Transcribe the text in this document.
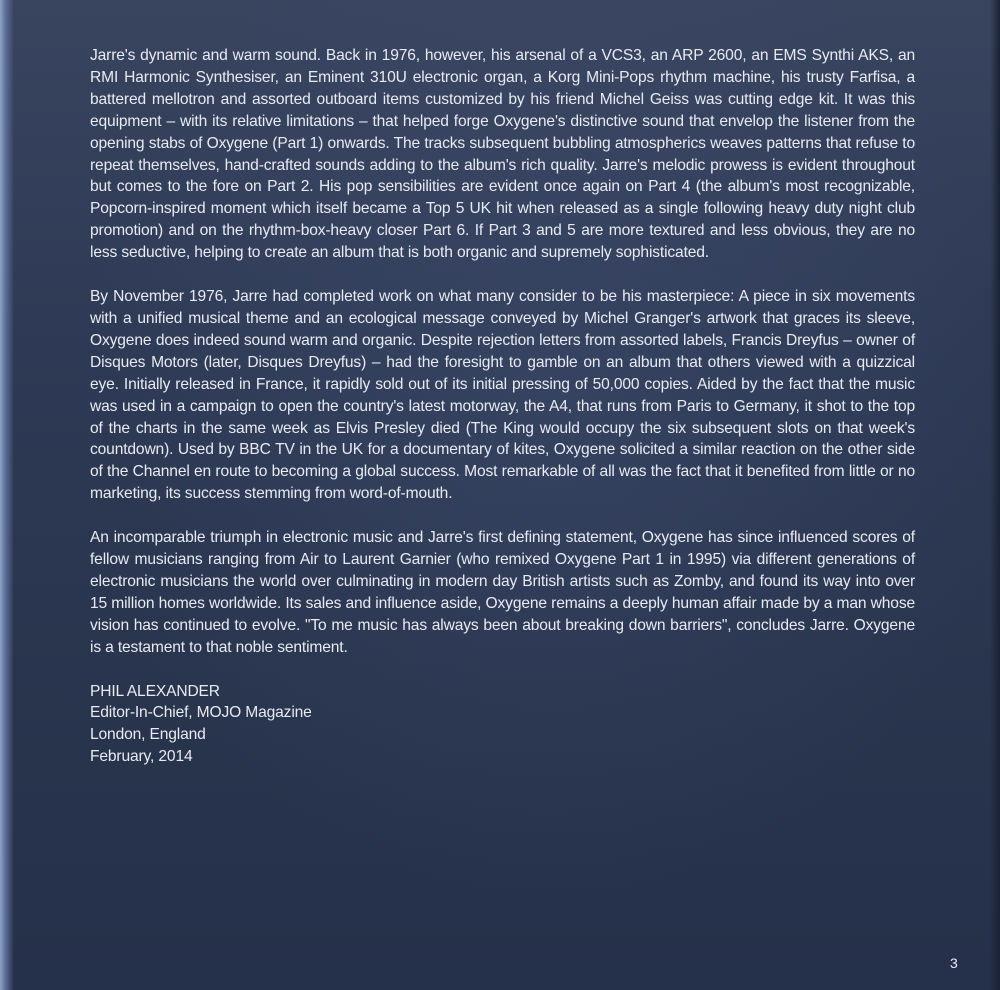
Jarre's dynamic and warm sound. Back in 1976, however, his arsenal of a VCS3, an ARP 2600, an EMS Synthi AKS, an RMI Harmonic Synthesiser, an Eminent 310U electronic organ, a Korg Mini-Pops rhythm machine, his trusty Farfisa, a battered mellotron and assorted outboard items customized by his friend Michel Geiss was cutting edge kit. It was this equipment – with its relative limitations – that helped forge Oxygene's distinctive sound that envelop the listener from the opening stabs of Oxygene (Part 1) onwards. The tracks subsequent bubbling atmospherics weaves patterns that refuse to repeat themselves, hand-crafted sounds adding to the album's rich quality. Jarre's melodic prowess is evident throughout but comes to the fore on Part 2. His pop sensibilities are evident once again on Part 4 (the album's most recognizable, Popcorn-inspired moment which itself became a Top 5 UK hit when released as a single following heavy duty night club promotion) and on the rhythm-box-heavy closer Part 6. If Part 3 and 5 are more textured and less obvious, they are no less seductive, helping to create an album that is both organic and supremely sophisticated.

By November 1976, Jarre had completed work on what many consider to be his masterpiece: A piece in six movements with a unified musical theme and an ecological message conveyed by Michel Granger's artwork that graces its sleeve, Oxygene does indeed sound warm and organic. Despite rejection letters from assorted labels, Francis Dreyfus – owner of Disques Motors (later, Disques Dreyfus) – had the foresight to gamble on an album that others viewed with a quizzical eye. Initially released in France, it rapidly sold out of its initial pressing of 50,000 copies. Aided by the fact that the music was used in a campaign to open the country's latest motorway, the A4, that runs from Paris to Germany, it shot to the top of the charts in the same week as Elvis Presley died (The King would occupy the six subsequent slots on that week's countdown). Used by BBC TV in the UK for a documentary of kites, Oxygene solicited a similar reaction on the other side of the Channel en route to becoming a global success. Most remarkable of all was the fact that it benefited from little or no marketing, its success stemming from word-of-mouth.

An incomparable triumph in electronic music and Jarre's first defining statement, Oxygene has since influenced scores of fellow musicians ranging from Air to Laurent Garnier (who remixed Oxygene Part 1 in 1995) via different generations of electronic musicians the world over culminating in modern day British artists such as Zomby, and found its way into over 15 million homes worldwide. Its sales and influence aside, Oxygene remains a deeply human affair made by a man whose vision has continued to evolve. "To me music has always been about breaking down barriers", concludes Jarre. Oxygene is a testament to that noble sentiment.

PHIL ALEXANDER
Editor-In-Chief, MOJO Magazine
London, England
February, 2014
3
